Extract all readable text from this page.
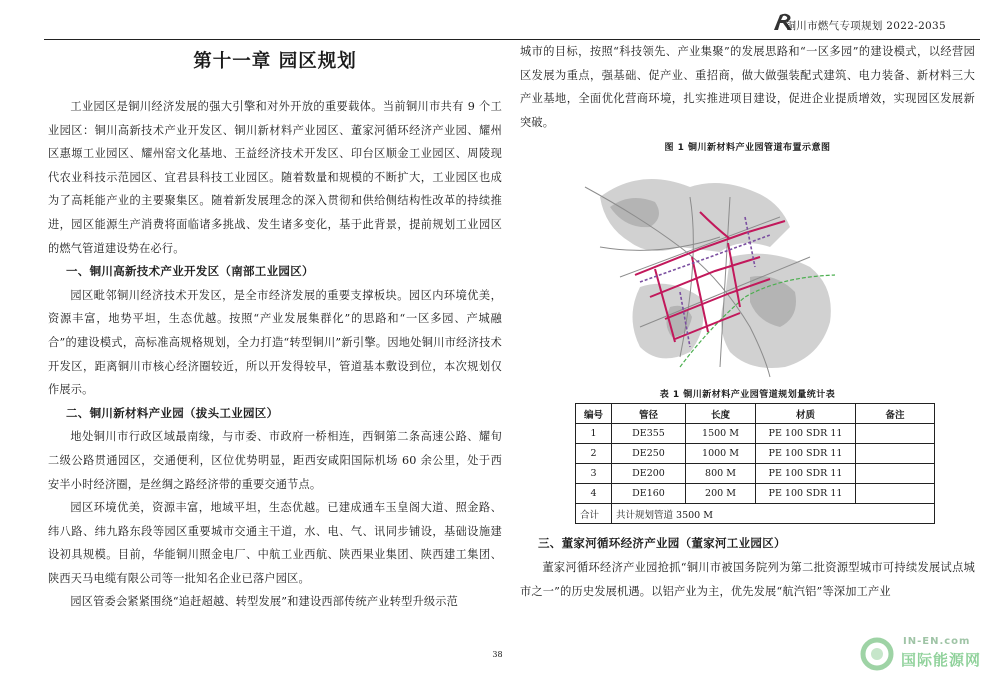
铜川市燃气专项规划 2022-2035
第十一章 园区规划

工业园区是铜川经济发展的强大引擎和对外开放的重要载体。当前铜川市共有 9 个工业园区：铜川高新技术产业开发区、铜川新材料产业园区、董家河循环经济产业园、耀州区惠塬工业园区、耀州窑文化基地、王益经济技术开发区、印台区顺金工业园区、周陵现代农业科技示范园区、宜君县科技工业园区。随着数量和规模的不断扩大，工业园区也成为了高耗能产业的主要聚集区。随着新发展理念的深入贯彻和供给侧结构性改革的持续推进，园区能源生产消费将面临诸多挑战、发生诸多变化，基于此背景，提前规划工业园区的燃气管道建设势在必行。

一、铜川高新技术产业开发区（南部工业园区）

园区毗邻铜川经济技术开发区，是全市经济发展的重要支撑板块。园区内环境优美，资源丰富，地势平坦，生态优越。按照“产业发展集群化”的思路和“一区多园、产城融合”的建设模式，高标准高规格规划，全力打造“转型铜川”新引擎。因地处铜川市经济技术开发区，距离铜川市核心经济圈较近，所以开发得较早，管道基本敷设到位，本次规划仅作展示。

二、铜川新材料产业园（拔头工业园区）

地处铜川市行政区域最南缘，与市委、市政府一桥相连，西铜第二条高速公路、耀旬二级公路贯通园区，交通便利，区位优势明显，距西安咸阳国际机场 60 余公里，处于西安半小时经济圈，是丝绸之路经济带的重要交通节点。

园区环境优美，资源丰富，地域平坦，生态优越。已建成通车玉皇阁大道、照金路、纬八路、纬九路东段等园区重要城市交通主干道，水、电、气、讯同步铺设，基础设施建设初具规模。目前，华能铜川照金电厂、中航工业西航、陕西果业集团、陕西建工集团、陕西天马电缆有限公司等一批知名企业已落户园区。

园区管委会紧紧围绕“追赶超越、转型发展”和建设西部传统产业转型升级示范

城市的目标，按照“科技领先、产业集聚”的发展思路和“一区多园”的建设模式，以经营园区发展为重点，强基础、促产业、重招商，做大做强装配式建筑、电力装备、新材料三大产业基地，全面优化营商环境，扎实推进项目建设，促进企业提质增效，实现园区发展新突破。

图 1 铜川新材料产业园管道布置示意图
表 1 铜川新材料产业园管道规划量统计表
编号	管径	长度	材质	备注
1	DE355	1500 M	PE 100 SDR 11	
2	DE250	1000 M	PE 100 SDR 11	
3	DE200	800 M	PE 100 SDR 11	
4	DE160	200 M	PE 100 SDR 11	
合计	共计规划管道 3500 M			
三、董家河循环经济产业园（董家河工业园区）

董家河循环经济产业园抢抓“铜川市被国务院列为第二批资源型城市可持续发展试点城市之一”的历史发展机遇。以铝产业为主，优先发展“航汽铝”等深加工产业

38
IN-EN.com
国际能源网
